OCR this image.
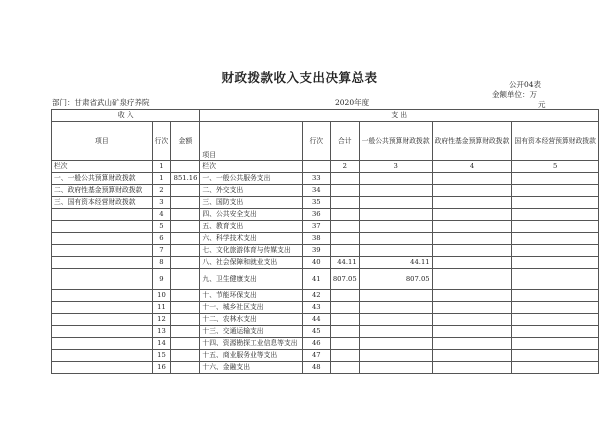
财政拨款收入支出决算总表	公开04表
金额单位：万
元
部门：甘肃省武山矿泉疗养院	2020年度
收 入			支 出					
项目	行次	金额	项目	行次	合计	一般公共预算财政拨款	政府性基金预算财政拨款	国有资本经营预算财政拨款
栏次	1		栏次		2	3	4	5
一、一般公共预算财政拨款	1	851.16	一、一般公共服务支出	33				
二、政府性基金预算财政拨款	2		二、外交支出	34				
三、国有资本经营财政拨款	3		三、国防支出	35				
	4		四、公共安全支出	36				
	5		五、教育支出	37				
	6		六、科学技术支出	38				
	7		七、文化旅游体育与传媒支出	39				
	8		八、社会保障和就业支出	40	44.11	44.11		
	9		九、卫生健康支出	41	807.05	807.05		
	10		十、节能环保支出	42				
	11		十一、城乡社区支出	43				
	12		十二、农林水支出	44				
	13		十三、交通运输支出	45				
	14		十四、资源勘探工业信息等支出	46				
	15		十五、商业服务业等支出	47				
	16		十六、金融支出	48				
